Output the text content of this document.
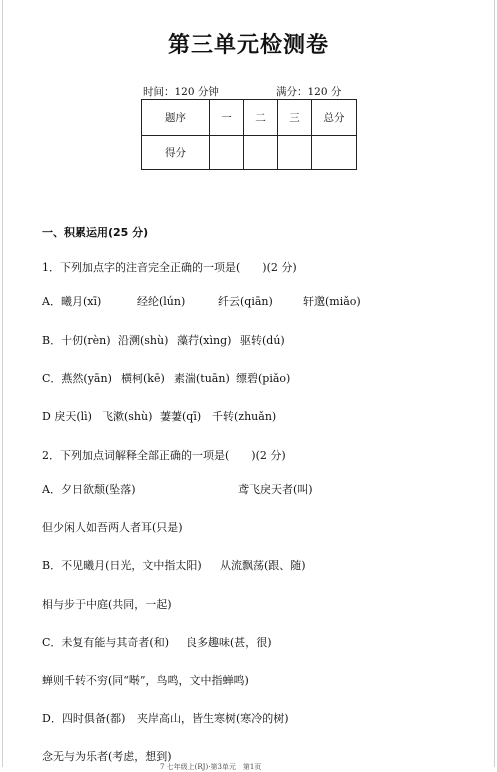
第三单元检测卷
时间：120 分钟	满分：120 分
题序	一	二	三	总分
得分				
一、积累运用(25 分)
1．下列加点字的注音完全正确的一项是(　　)(2 分)
A．曦月(xī)	经纶(lún)	纤云(qiān)	轩邈(miǎo)
B．十仞(rèn) 沿溯(shù) 藻荇(xìng) 驱转(dú)
C．燕然(yān) 横柯(kē) 素湍(tuān) 缥碧(piǎo)
D 戾天(lì) 飞漱(shù) 萋萋(qī) 千转(zhuǎn)
2．下列加点词解释全部正确的一项是(　　)(2 分)
A．夕日欲颓(坠落)	鸢飞戾天者(叫)
但少闲人如吾两人者耳(只是)
B．不见曦月(日光，文中指太阳) 从流飘荡(跟、随)
相与步于中庭(共同，一起)
C．未复有能与其奇者(和) 良多趣味(甚，很)
蝉则千转不穷(同“啭”，鸟鸣，文中指蝉鸣)
D．四时俱备(都) 夹岸高山，皆生寒树(寒冷的树)
念无与为乐者(考虑，想到)
7 七年级上(RJ)·第3单元　第1页
